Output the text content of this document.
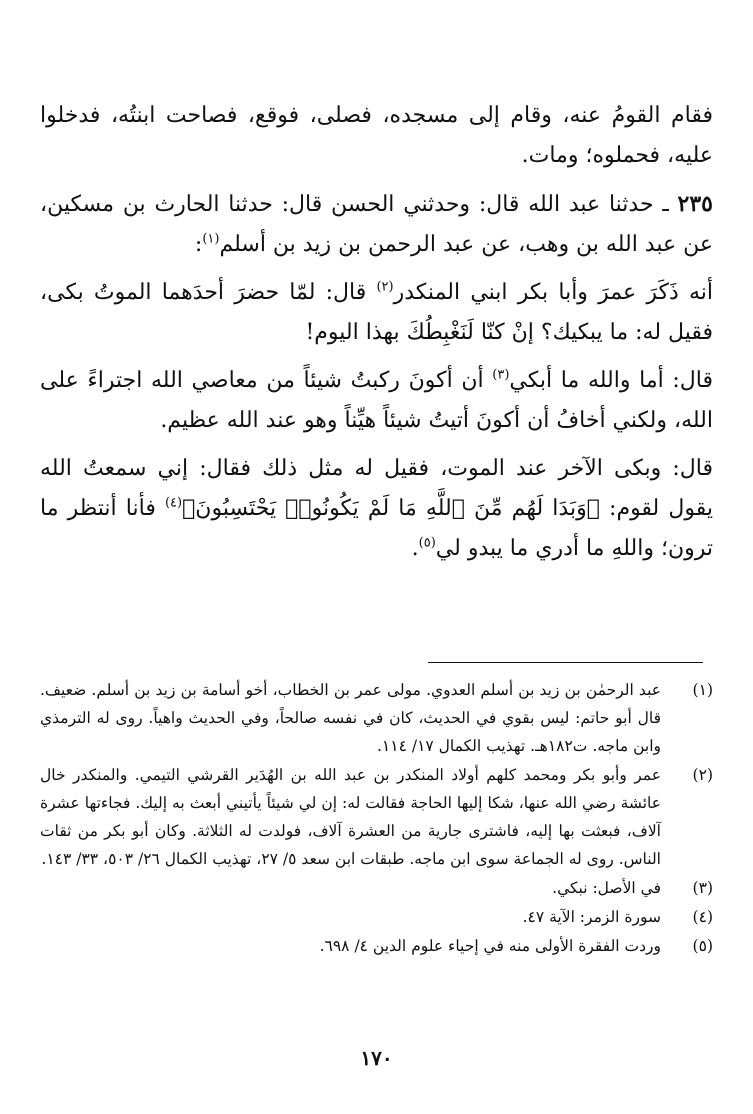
فقام القومُ عنه، وقام إلى مسجده، فصلى، فوقع، فصاحت ابنتُه، فدخلوا عليه، فحملوه؛ ومات.

٢٣٥ ـ حدثنا عبد الله قال: وحدثني الحسن قال: حدثنا الحارث بن مسكين، عن عبد الله بن وهب، عن عبد الرحمن بن زيد بن أسلم$^{(١)}$:

أنه ذَكَرَ عمرَ وأبا بكر ابني المنكدر$^{(٢)}$ قال: لمّا حضرَ أحدَهما الموتُ بكى، فقيل له: ما يبكيك؟ إنْ كنّا لَنَغْبِطُكَ بهذا اليوم!

قال: أما والله ما أبكي$^{(٣)}$ أن أكونَ ركبتُ شيئاً من معاصي الله اجتراءً على الله، ولكني أخافُ أن أكونَ أتيتُ شيئاً هيِّناً وهو عند الله عظيم.

قال: وبكى الآخر عند الموت، فقيل له مثل ذلك فقال: إني سمعتُ الله يقول لقوم: ﴿وَبَدَا لَهُم مِّنَ ٱللَّهِ مَا لَمْ يَكُونُوا۟ يَحْتَسِبُونَ﴾$^{(٤)}$ فأنا أنتظر ما ترون؛ واللهِ ما أدري ما يبدو لي$^{(٥)}$.

(١)
عبد الرحمٰن بن زيد بن أسلم العدوي. مولى عمر بن الخطاب، أخو أسامة بن زيد بن أسلم. ضعيف. قال أبو حاتم: ليس بقوي في الحديث، كان في نفسه صالحاً، وفي الحديث واهياً. روى له الترمذي وابن ماجه. ت١٨٢هـ. تهذيب الكمال ١٧/ ١١٤.
(٢)
عمر وأبو بكر ومحمد كلهم أولاد المنكدر بن عبد الله بن الهُدَير القرشي التيمي. والمنكدر خال عائشة رضي الله عنها، شكا إليها الحاجة فقالت له: إن لي شيئاً يأتيني أبعث به إليك. فجاءتها عشرة آلاف، فبعثت بها إليه، فاشترى جارية من العشرة آلاف، فولدت له الثلاثة. وكان أبو بكر من ثقات الناس. روى له الجماعة سوى ابن ماجه. طبقات ابن سعد ٥/ ٢٧، تهذيب الكمال ٢٦/ ٥٠٣، ٣٣/ ١٤٣.
(٣)
في الأصل: نبكي.
(٤)
سورة الزمر: الآية ٤٧.
(٥)
وردت الفقرة الأولى منه في إحياء علوم الدين ٤/ ٦٩٨.
١٧٠
